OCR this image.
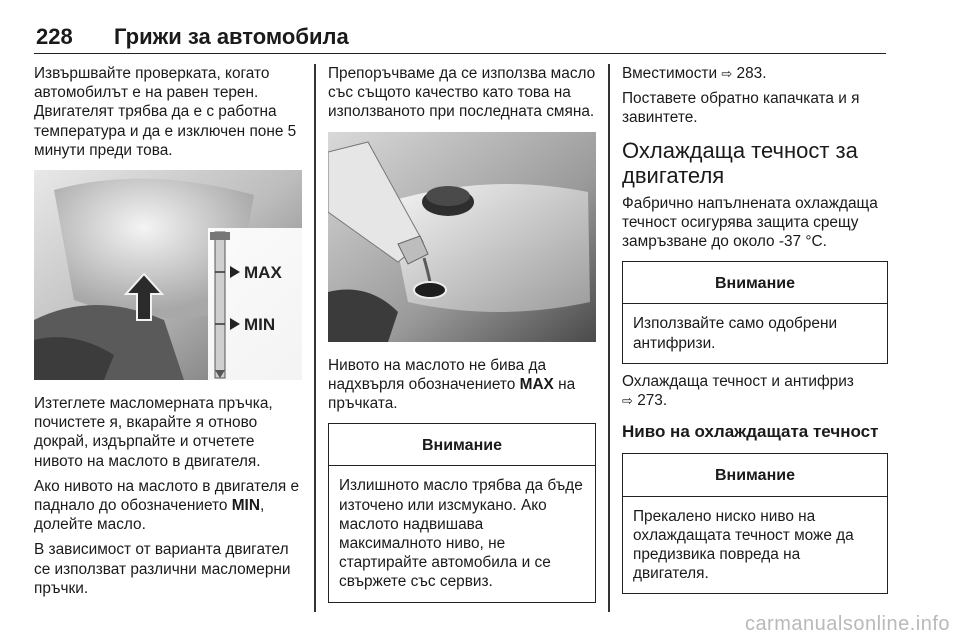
228 Грижи за автомобила

Извършвайте проверката, когато автомобилът е на равен терен. Двигателят трябва да е с работна температура и да е изключен поне 5 минути преди това.

MAX
MIN

Изтеглете масломерната пръчка, почистете я, вкарайте я отново докрай, издърпайте и отчетете нивото на маслото в двигателя.

Ако нивото на маслото в двигателя е паднало до обозначението MIN, долейте масло.

В зависимост от варианта двигател се използват различни масломерни пръчки.

Препоръчваме да се използва масло със същото качество като това на използваното при последната смяна.

Нивото на маслото не бива да надхвърля обозначението MAX на пръчката.

Внимание
Излишното масло трябва да бъде източено или изсмукано. Ако маслото надвишава максималното ниво, не стартирайте автомобила и се свържете със сервиз.

Вместимости ⇨ 283.

Поставете обратно капачката и я завинтете.

Охлаждаща течност за двигателя

Фабрично напълнената охлаждаща течност осигурява защита срещу замръзване до около -37 °C.

Внимание
Използвайте само одобрени антифризи.

Охлаждаща течност и антифриз
⇨ 273.

Ниво на охлаждащата течност
Внимание
Прекалено ниско ниво на охлаждащата течност може да предизвика повреда на двигателя.
carmanualsonline.info
